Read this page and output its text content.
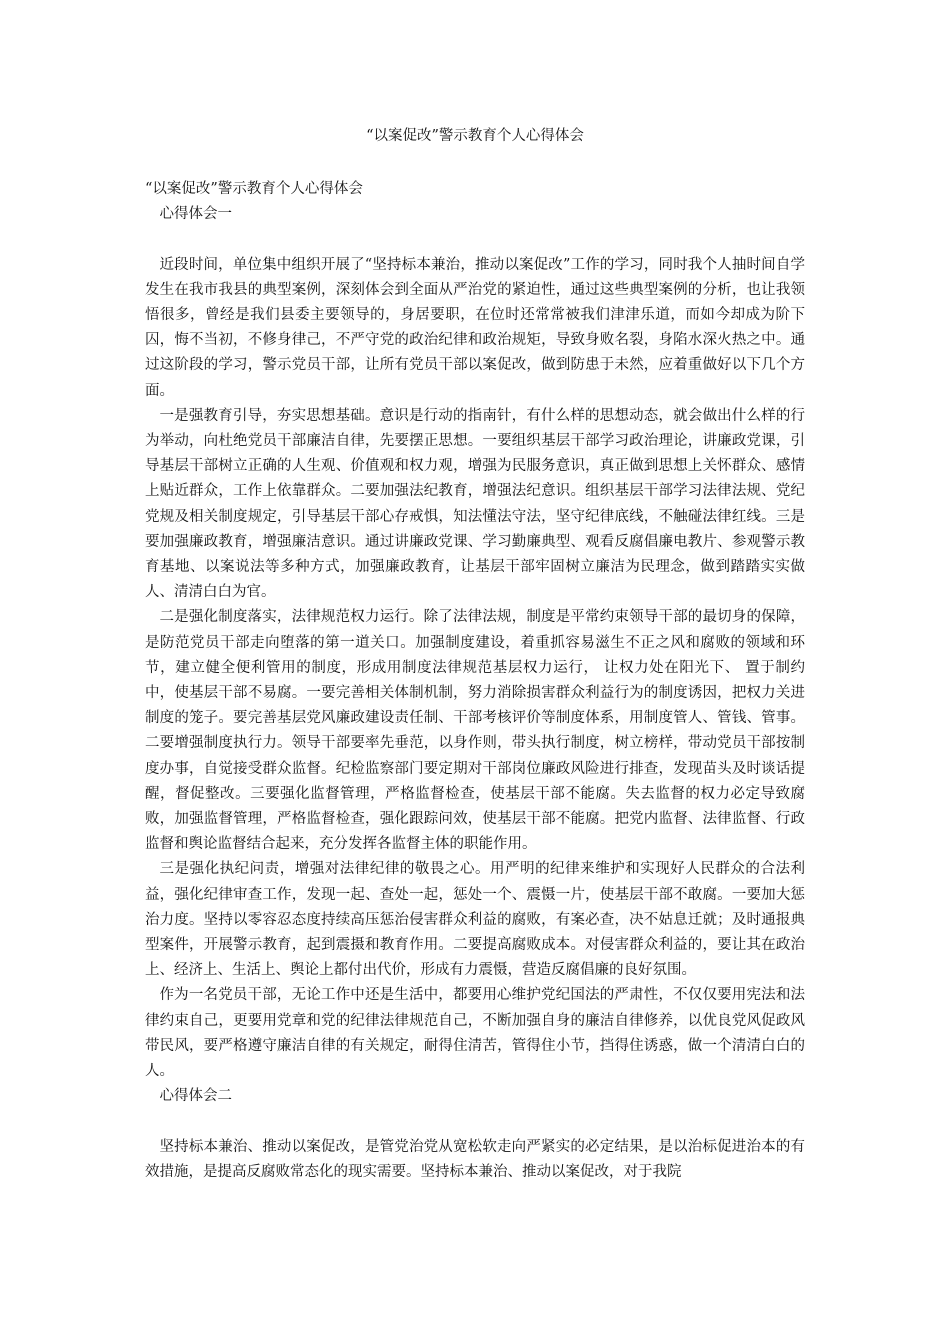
“以案促改”警示教育个人心得体会
“以案促改”警示教育个人心得体会
心得体会一

近段时间，单位集中组织开展了“坚持标本兼治，推动以案促改”工作的学习，同时我个人抽时间自学发生在我市我县的典型案例，深刻体会到全面从严治党的紧迫性，通过这些典型案例的分析，也让我领悟很多，曾经是我们县委主要领导的，身居要职，在位时还常常被我们津津乐道，而如今却成为阶下囚，悔不当初，不修身律己，不严守党的政治纪律和政治规矩，导致身败名裂，身陷水深火热之中。通过这阶段的学习，警示党员干部，让所有党员干部以案促改，做到防患于未然，应着重做好以下几个方面。

一是强教育引导，夯实思想基础。意识是行动的指南针，有什么样的思想动态，就会做出什么样的行为举动，向杜绝党员干部廉洁自律，先要摆正思想。一要组织基层干部学习政治理论，讲廉政党课，引导基层干部树立正确的人生观、价值观和权力观，增强为民服务意识，真正做到思想上关怀群众、感情上贴近群众，工作上依靠群众。二要加强法纪教育，增强法纪意识。组织基层干部学习法律法规、党纪党规及相关制度规定，引导基层干部心存戒惧，知法懂法守法，坚守纪律底线，不触碰法律红线。三是要加强廉政教育，增强廉洁意识。通过讲廉政党课、学习勤廉典型、观看反腐倡廉电教片、参观警示教育基地、以案说法等多种方式，加强廉政教育，让基层干部牢固树立廉洁为民理念，做到踏踏实实做人、清清白白为官。

二是强化制度落实，法律规范权力运行。除了法律法规，制度是平常约束领导干部的最切身的保障，是防范党员干部走向堕落的第一道关口。加强制度建设，着重抓容易滋生不正之风和腐败的领域和环节，建立健全便利管用的制度，形成用制度法律规范基层权力运行， 让权力处在阳光下、 置于制约中，使基层干部不易腐。一要完善相关体制机制，努力消除损害群众利益行为的制度诱因，把权力关进制度的笼子。要完善基层党风廉政建设责任制、干部考核评价等制度体系，用制度管人、管钱、管事。二要增强制度执行力。领导干部要率先垂范，以身作则，带头执行制度，树立榜样，带动党员干部按制度办事，自觉接受群众监督。纪检监察部门要定期对干部岗位廉政风险进行排查，发现苗头及时谈话提醒，督促整改。三要强化监督管理，严格监督检查，使基层干部不能腐。失去监督的权力必定导致腐败，加强监督管理，严格监督检查，强化跟踪问效，使基层干部不能腐。把党内监督、法律监督、行政监督和舆论监督结合起来，充分发挥各监督主体的职能作用。

三是强化执纪问责，增强对法律纪律的敬畏之心。用严明的纪律来维护和实现好人民群众的合法利益，强化纪律审查工作，发现一起、查处一起，惩处一个、震慑一片，使基层干部不敢腐。一要加大惩治力度。坚持以零容忍态度持续高压惩治侵害群众利益的腐败，有案必查，决不姑息迁就；及时通报典型案件，开展警示教育，起到震摄和教育作用。二要提高腐败成本。对侵害群众利益的，要让其在政治上、经济上、生活上、舆论上都付出代价，形成有力震慑，营造反腐倡廉的良好氛围。

作为一名党员干部，无论工作中还是生活中，都要用心维护党纪国法的严肃性，不仅仅要用宪法和法律约束自己，更要用党章和党的纪律法律规范自己，不断加强自身的廉洁自律修养，以优良党风促政风带民风，要严格遵守廉洁自律的有关规定，耐得住清苦，管得住小节，挡得住诱惑，做一个清清白白的人。

心得体会二

坚持标本兼治、推动以案促改，是管党治党从宽松软走向严紧实的必定结果，是以治标促进治本的有效措施，是提高反腐败常态化的现实需要。坚持标本兼治、推动以案促改，对于我院
